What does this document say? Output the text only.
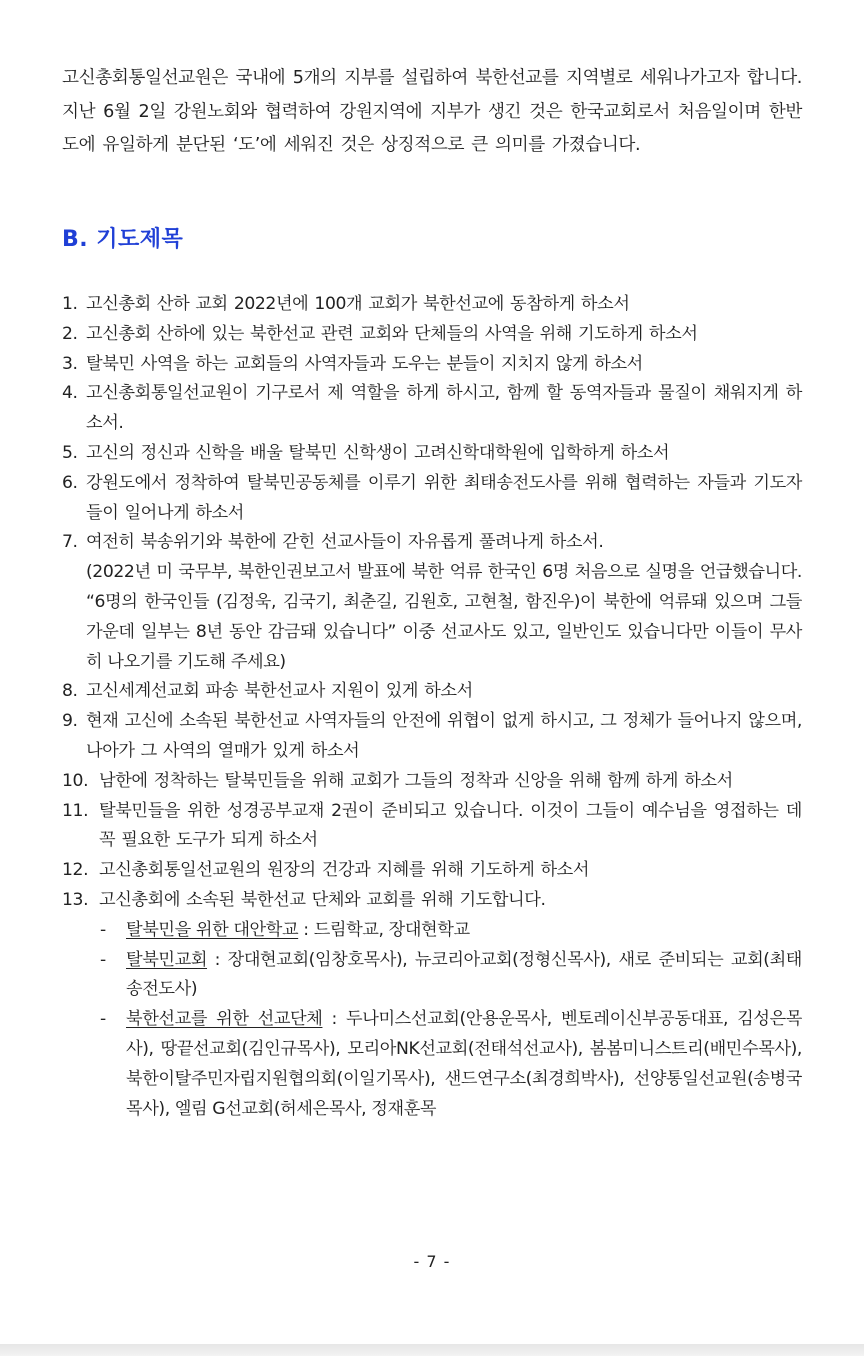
고신총회통일선교원은 국내에 5개의 지부를 설립하여 북한선교를 지역별로 세워나가고자 합니다. 지난 6월 2일 강원노회와 협력하여 강원지역에 지부가 생긴 것은 한국교회로서 처음일이며 한반도에 유일하게 분단된 ‘도’에 세워진 것은 상징적으로 큰 의미를 가졌습니다.

B. 기도제목
1. 고신총회 산하 교회 2022년에 100개 교회가 북한선교에 동참하게 하소서
2. 고신총회 산하에 있는 북한선교 관련 교회와 단체들의 사역을 위해 기도하게 하소서
3. 탈북민 사역을 하는 교회들의 사역자들과 도우는 분들이 지치지 않게 하소서
4. 고신총회통일선교원이 기구로서 제 역할을 하게 하시고, 함께 할 동역자들과 물질이 채워지게 하소서.
5. 고신의 정신과 신학을 배울 탈북민 신학생이 고려신학대학원에 입학하게 하소서
6. 강원도에서 정착하여 탈북민공동체를 이루기 위한 최태송전도사를 위해 협력하는 자들과 기도자들이 일어나게 하소서
7. 여전히 북송위기와 북한에 갇힌 선교사들이 자유롭게 풀려나게 하소서.
(2022년 미 국무부, 북한인권보고서 발표에 북한 억류 한국인 6명 처음으로 실명을 언급했습니다. “6명의 한국인들 (김정욱, 김국기, 최춘길, 김원호, 고현철, 함진우)이 북한에 억류돼 있으며 그들 가운데 일부는 8년 동안 감금돼 있습니다” 이중 선교사도 있고, 일반인도 있습니다만 이들이 무사히 나오기를 기도해 주세요)
8. 고신세계선교회 파송 북한선교사 지원이 있게 하소서
9. 현재 고신에 소속된 북한선교 사역자들의 안전에 위협이 없게 하시고, 그 정체가 들어나지 않으며, 나아가 그 사역의 열매가 있게 하소서
10. 남한에 정착하는 탈북민들을 위해 교회가 그들의 정착과 신앙을 위해 함께 하게 하소서
11. 탈북민들을 위한 성경공부교재 2권이 준비되고 있습니다. 이것이 그들이 예수님을 영접하는 데 꼭 필요한 도구가 되게 하소서
12. 고신총회통일선교원의 원장의 건강과 지혜를 위해 기도하게 하소서
13. 고신총회에 소속된 북한선교 단체와 교회를 위해 기도합니다.
-	탈북민을 위한 대안학교 : 드림학교, 장대현학교
-	탈북민교회 : 장대현교회(임창호목사), 뉴코리아교회(정형신목사), 새로 준비되는 교회(최태송전도사)
-	북한선교를 위한 선교단체 : 두나미스선교회(안용운목사, 벤토레이신부공동대표, 김성은목사), 땅끝선교회(김인규목사), 모리아NK선교회(전태석선교사), 봄봄미니스트리(배민수목사), 북한이탈주민자립지원협의회(이일기목사), 샌드연구소(최경희박사), 선양통일선교원(송병국목사), 엘림 G선교회(허세은목사, 정재훈목
- 7 -
